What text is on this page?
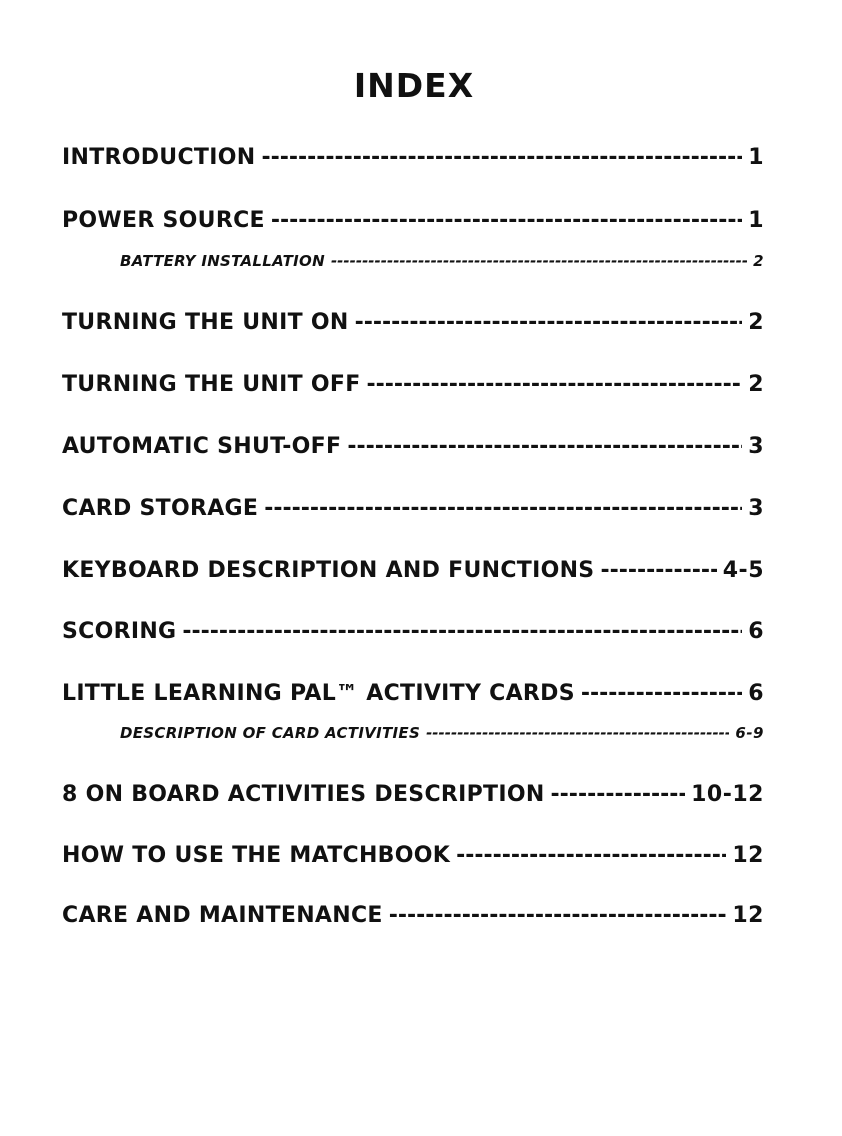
INDEX
INTRODUCTION -----	1
POWER SOURCE -----	1
BATTERY INSTALLATION -----	2
TURNING THE UNIT ON -----	2
TURNING THE UNIT OFF -----	2
AUTOMATIC SHUT-OFF -----	3
CARD STORAGE -----	3
KEYBOARD DESCRIPTION AND FUNCTIONS -----	4-5
SCORING -----	6
LITTLE LEARNING PAL™ ACTIVITY CARDS -----	6
DESCRIPTION OF CARD ACTIVITIES -----	6-9
8 ON BOARD ACTIVITIES DESCRIPTION -----	10-12
HOW TO USE THE MATCHBOOK -----	12
CARE AND MAINTENANCE -----	12
